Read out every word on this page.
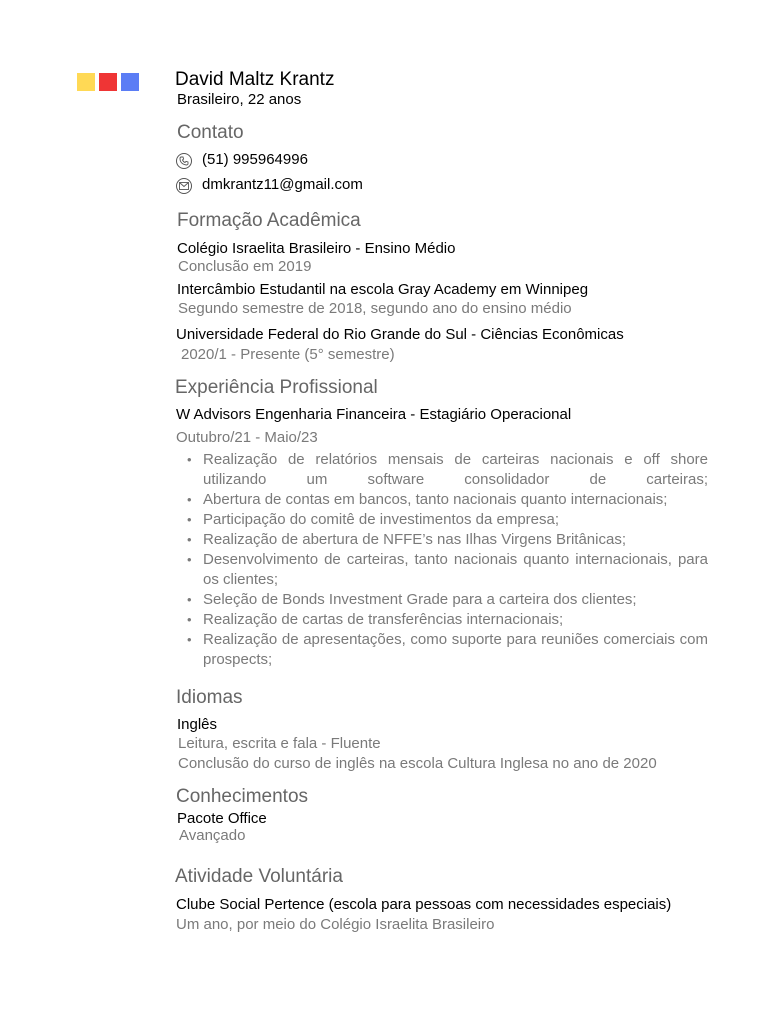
David Maltz Krantz
Brasileiro, 22 anos
Contato
(51) 995964996
dmkrantz11@gmail.com
Formação Acadêmica
Colégio Israelita Brasileiro - Ensino Médio
Conclusão em 2019
Intercâmbio Estudantil na escola Gray Academy em Winnipeg
Segundo semestre de 2018, segundo ano do ensino médio
Universidade Federal do Rio Grande do Sul - Ciências Econômicas
2020/1 - Presente (5° semestre)
Experiência Profissional
W Advisors Engenharia Financeira - Estagiário Operacional
Outubro/21 - Maio/23
• Realização de relatórios mensais de carteiras nacionais e off shore utilizando um software consolidador de carteiras;
• Abertura de contas em bancos, tanto nacionais quanto internacionais;
• Participação do comitê de investimentos da empresa;
• Realização de abertura de NFFE’s nas Ilhas Virgens Britânicas;
• Desenvolvimento de carteiras, tanto nacionais quanto internacionais, para os clientes;
• Seleção de Bonds Investment Grade para a carteira dos clientes;
• Realização de cartas de transferências internacionais;
• Realização de apresentações, como suporte para reuniões comerciais com prospects;
Idiomas
Inglês
Leitura, escrita e fala - Fluente
Conclusão do curso de inglês na escola Cultura Inglesa no ano de 2020
Conhecimentos
Pacote Office
Avançado
Atividade Voluntária
Clube Social Pertence (escola para pessoas com necessidades especiais)
Um ano, por meio do Colégio Israelita Brasileiro
